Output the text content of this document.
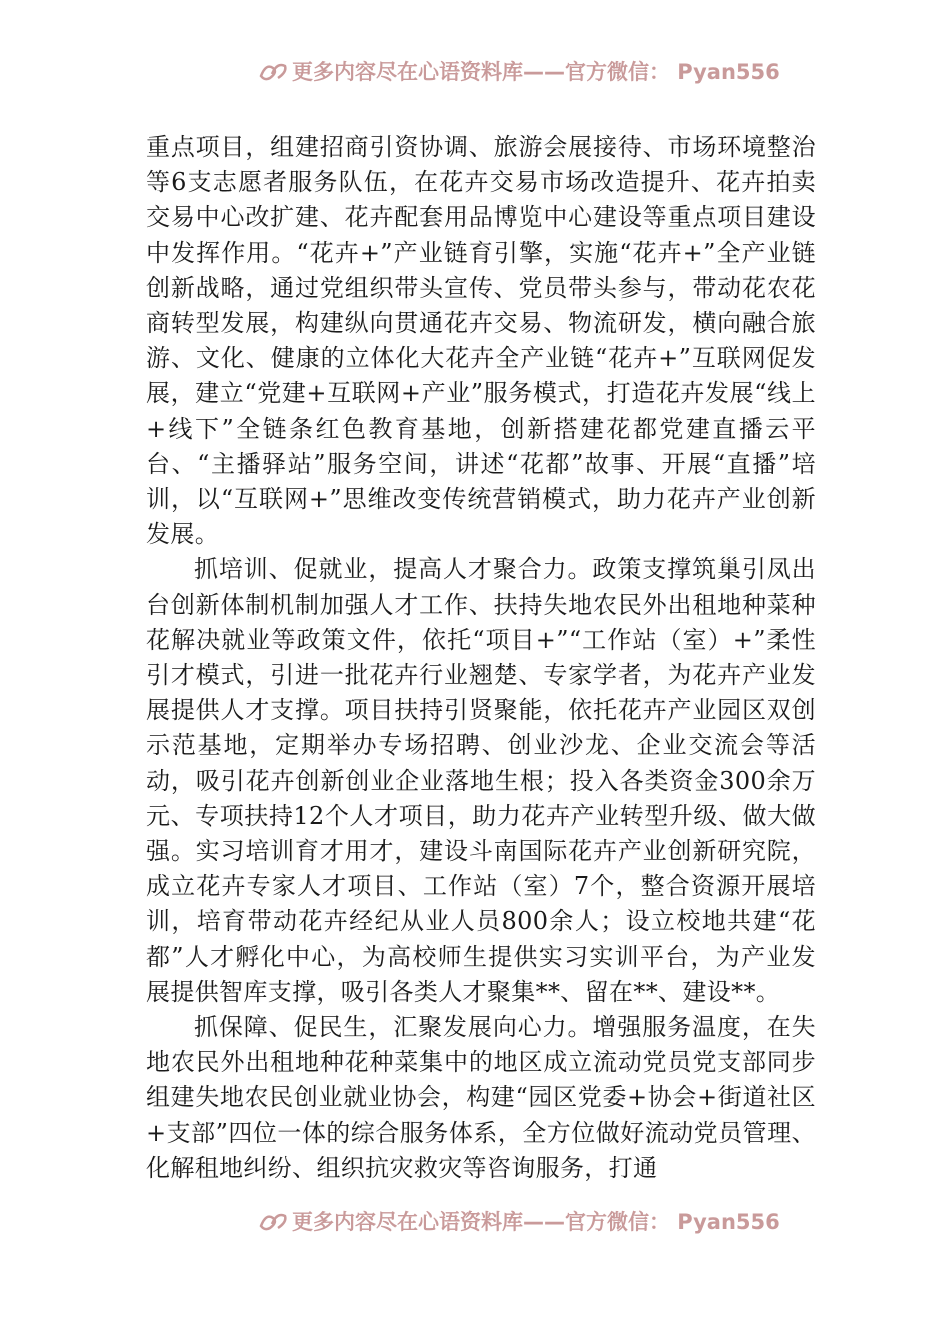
更多内容尽在心语资料库——官方微信： Pyan556

重点项目，组建招商引资协调、旅游会展接待、市场环境整治等6支志愿者服务队伍，在花卉交易市场改造提升、花卉拍卖交易中心改扩建、花卉配套用品博览中心建设等重点项目建设中发挥作用。“花卉+”产业链育引擎，实施“花卉+”全产业链创新战略，通过党组织带头宣传、党员带头参与，带动花农花商转型发展，构建纵向贯通花卉交易、物流研发，横向融合旅游、文化、健康的立体化大花卉全产业链“花卉+”互联网促发展，建立“党建+互联网+产业”服务模式，打造花卉发展“线上+线下”全链条红色教育基地，创新搭建花都党建直播云平台、“主播驿站”服务空间，讲述“花都”故事、开展“直播”培训，以“互联网+”思维改变传统营销模式，助力花卉产业创新发展。

抓培训、促就业，提高人才聚合力。政策支撑筑巢引凤出台创新体制机制加强人才工作、扶持失地农民外出租地种菜种花解决就业等政策文件，依托“项目+”“工作站（室）+”柔性引才模式，引进一批花卉行业翘楚、专家学者，为花卉产业发展提供人才支撑。项目扶持引贤聚能，依托花卉产业园区双创示范基地，定期举办专场招聘、创业沙龙、企业交流会等活动，吸引花卉创新创业企业落地生根；投入各类资金300余万元、专项扶持12个人才项目，助力花卉产业转型升级、做大做强。实习培训育才用才，建设斗南国际花卉产业创新研究院，成立花卉专家人才项目、工作站（室）7个，整合资源开展培训，培育带动花卉经纪从业人员800余人；设立校地共建“花都”人才孵化中心，为高校师生提供实习实训平台，为产业发展提供智库支撑，吸引各类人才聚集**、留在**、建设**。

抓保障、促民生，汇聚发展向心力。增强服务温度，在失地农民外出租地种花种菜集中的地区成立流动党员党支部同步组建失地农民创业就业协会，构建“园区党委+协会+街道社区+支部”四位一体的综合服务体系，全方位做好流动党员管理、化解租地纠纷、组织抗灾救灾等咨询服务，打通

更多内容尽在心语资料库——官方微信： Pyan556
